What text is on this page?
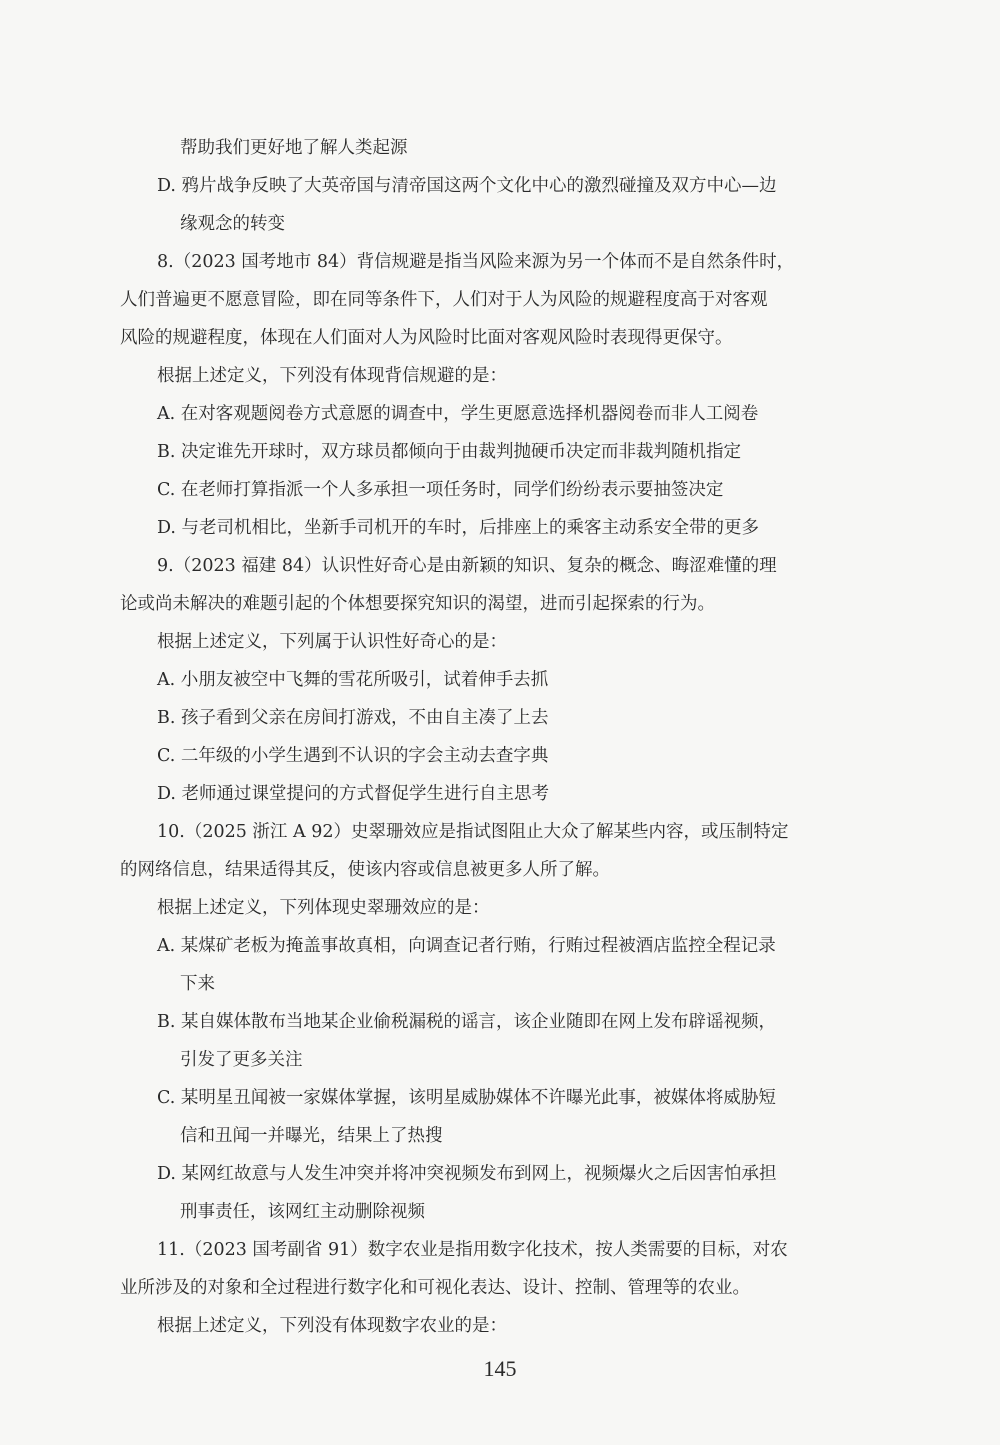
帮助我们更好地了解人类起源
D. 鸦片战争反映了大英帝国与清帝国这两个文化中心的激烈碰撞及双方中心—边
缘观念的转变
8.（2023 国考地市 84）背信规避是指当风险来源为另一个体而不是自然条件时，
人们普遍更不愿意冒险，即在同等条件下，人们对于人为风险的规避程度高于对客观
风险的规避程度，体现在人们面对人为风险时比面对客观风险时表现得更保守。
根据上述定义，下列没有体现背信规避的是：
A. 在对客观题阅卷方式意愿的调查中，学生更愿意选择机器阅卷而非人工阅卷
B. 决定谁先开球时，双方球员都倾向于由裁判抛硬币决定而非裁判随机指定
C. 在老师打算指派一个人多承担一项任务时，同学们纷纷表示要抽签决定
D. 与老司机相比，坐新手司机开的车时，后排座上的乘客主动系安全带的更多
9.（2023 福建 84）认识性好奇心是由新颖的知识、复杂的概念、晦涩难懂的理
论或尚未解决的难题引起的个体想要探究知识的渴望，进而引起探索的行为。
根据上述定义，下列属于认识性好奇心的是：
A. 小朋友被空中飞舞的雪花所吸引，试着伸手去抓
B. 孩子看到父亲在房间打游戏，不由自主凑了上去
C. 二年级的小学生遇到不认识的字会主动去查字典
D. 老师通过课堂提问的方式督促学生进行自主思考
10.（2025 浙江 A 92）史翠珊效应是指试图阻止大众了解某些内容，或压制特定
的网络信息，结果适得其反，使该内容或信息被更多人所了解。
根据上述定义，下列体现史翠珊效应的是：
A. 某煤矿老板为掩盖事故真相，向调查记者行贿，行贿过程被酒店监控全程记录
下来
B. 某自媒体散布当地某企业偷税漏税的谣言，该企业随即在网上发布辟谣视频，
引发了更多关注
C. 某明星丑闻被一家媒体掌握，该明星威胁媒体不许曝光此事，被媒体将威胁短
信和丑闻一并曝光，结果上了热搜
D. 某网红故意与人发生冲突并将冲突视频发布到网上，视频爆火之后因害怕承担
刑事责任，该网红主动删除视频
11.（2023 国考副省 91）数字农业是指用数字化技术，按人类需要的目标，对农
业所涉及的对象和全过程进行数字化和可视化表达、设计、控制、管理等的农业。
根据上述定义，下列没有体现数字农业的是：
145
